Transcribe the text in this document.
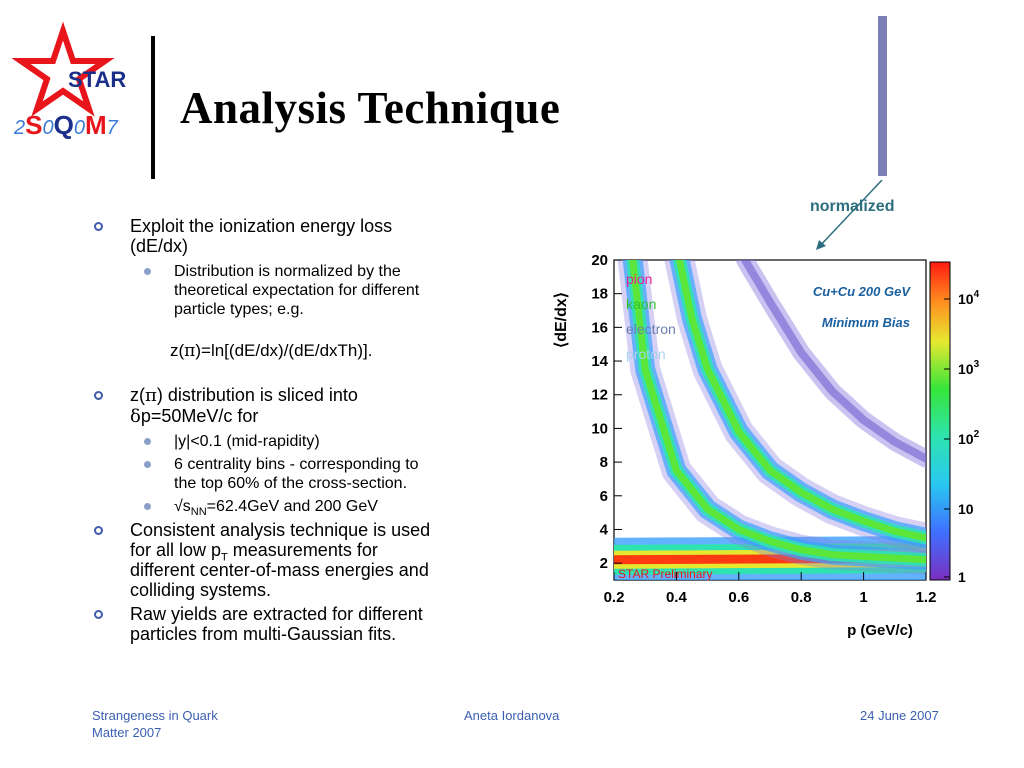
STAR
2S0Q0M7 Analysis Technique
Exploit the ionization energy loss
(dE/dx)
Distribution is normalized by the
theoretical expectation for different
particle types; e.g.
z(π)=ln[(dE/dx)/(dE/dxTh)].
z(π) distribution is sliced into
δp=50MeV/c for
|y|<0.1 (mid-rapidity)
6 centrality bins - corresponding to
the top 60% of the cross-section.
$√s_{NN}=62.4GeV$ and 200 GeV
Consistent analysis technique is used
for all low $p_T$ measurements for
different center-of-mass energies and
colliding systems.
Raw yields are extracted for different
particles from multi-Gaussian fits.
normalized
0.2	0.4	0.6	0.8	1	1.2
2
4
6
8
10
12
14
16
18
20
⟨dE/dx⟩
p (GeV/c)
pion
kaon
electron
proton
Cu+Cu 200 GeV
Minimum Bias
STAR Preliminary	1
10
$10^2$
$10^3$
$10^4$
Strangeness in Quark
Matter 2007
Aneta Iordanova	24 June 2007
